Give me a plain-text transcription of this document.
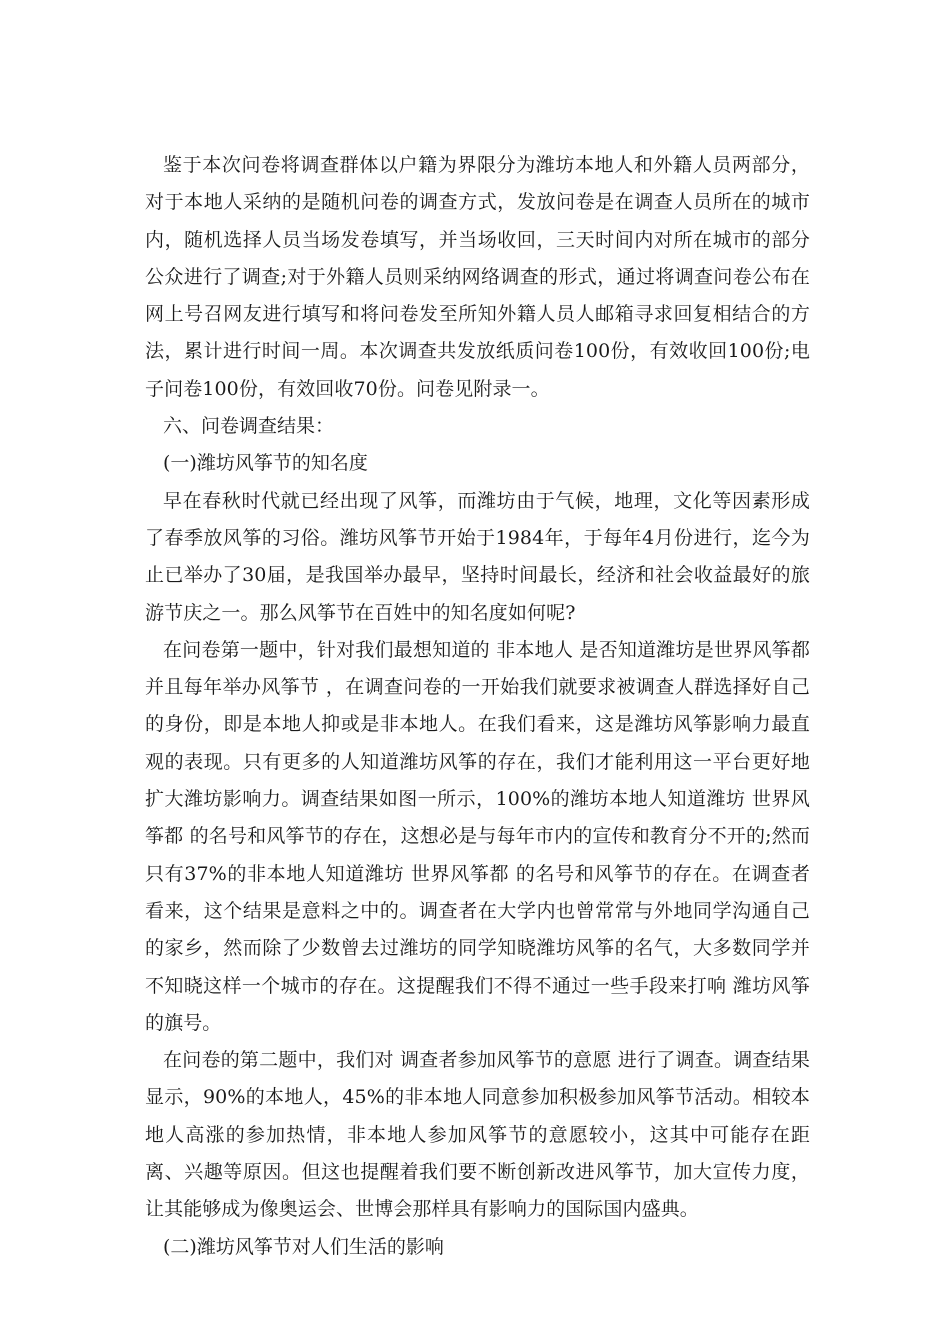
鉴于本次问卷将调查群体以户籍为界限分为潍坊本地人和外籍人员两部分，对于本地人采纳的是随机问卷的调查方式，发放问卷是在调查人员所在的城市内，随机选择人员当场发卷填写，并当场收回，三天时间内对所在城市的部分公众进行了调查;对于外籍人员则采纳网络调查的形式，通过将调查问卷公布在网上号召网友进行填写和将问卷发至所知外籍人员人邮箱寻求回复相结合的方法，累计进行时间一周。本次调查共发放纸质问卷100份，有效收回100份;电子问卷100份，有效回收70份。问卷见附录一。

六、问卷调查结果：

(一)潍坊风筝节的知名度

早在春秋时代就已经出现了风筝，而潍坊由于气候，地理，文化等因素形成了春季放风筝的习俗。潍坊风筝节开始于1984年，于每年4月份进行，迄今为止已举办了30届，是我国举办最早，坚持时间最长，经济和社会收益最好的旅游节庆之一。那么风筝节在百姓中的知名度如何呢?

在问卷第一题中，针对我们最想知道的 非本地人 是否知道潍坊是世界风筝都并且每年举办风筝节 ，在调查问卷的一开始我们就要求被调查人群选择好自己的身份，即是本地人抑或是非本地人。在我们看来，这是潍坊风筝影响力最直观的表现。只有更多的人知道潍坊风筝的存在，我们才能利用这一平台更好地扩大潍坊影响力。调查结果如图一所示，100%的潍坊本地人知道潍坊 世界风筝都 的名号和风筝节的存在，这想必是与每年市内的宣传和教育分不开的;然而只有37%的非本地人知道潍坊 世界风筝都 的名号和风筝节的存在。在调查者看来，这个结果是意料之中的。调查者在大学内也曾常常与外地同学沟通自己的家乡，然而除了少数曾去过潍坊的同学知晓潍坊风筝的名气，大多数同学并不知晓这样一个城市的存在。这提醒我们不得不通过一些手段来打响 潍坊风筝 的旗号。

在问卷的第二题中，我们对 调查者参加风筝节的意愿 进行了调查。调查结果显示，90%的本地人，45%的非本地人同意参加积极参加风筝节活动。相较本地人高涨的参加热情，非本地人参加风筝节的意愿较小，这其中可能存在距离、兴趣等原因。但这也提醒着我们要不断创新改进风筝节，加大宣传力度，让其能够成为像奥运会、世博会那样具有影响力的国际国内盛典。

(二)潍坊风筝节对人们生活的影响
